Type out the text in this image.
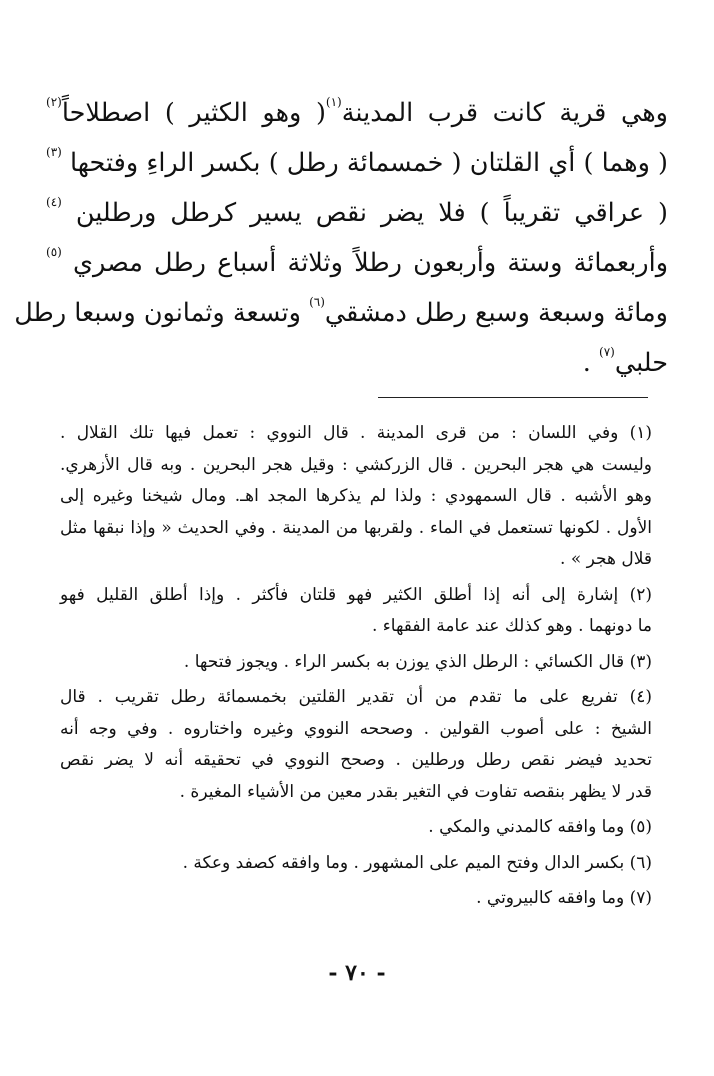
وهي قرية كانت قرب المدينة$^{(١)}$( وهو الكثير ) اصطلاحاً$^{(٢)}$
( وهما ) أي القلتان ( خمسمائة رطل ) بكسر الراءِ وفتحها $^{(٣)}$
( عراقي تقريباً ) فلا يضر نقص يسير كرطل ورطلين $^{(٤)}$
وأربعمائة وستة وأربعون رطلاً وثلاثة أسباع رطل مصري $^{(٥)}$
ومائة وسبعة وسبع رطل دمشقي$^{(٦)}$ وتسعة وثمانون وسبعا رطل
حلبي$^{(٧)}$ .
(١) وفي اللسان : من قرى المدينة . قال النووي : تعمل فيها تلك القلال .
وليست هي هجر البحرين . قال الزركشي : وقيل هجر البحرين . وبه قال الأزهري.
وهو الأشبه . قال السمهودي : ولذا لم يذكرها المجد اهـ. ومال شيخنا وغيره إلى
الأول . لكونها تستعمل في الماء . ولقربها من المدينة . وفي الحديث « وإذا نبقها مثل
قلال هجر » .
(٢) إشارة إلى أنه إذا أطلق الكثير فهو قلتان فأكثر . وإذا أطلق القليل فهو
ما دونهما . وهو كذلك عند عامة الفقهاء .
(٣) قال الكسائي : الرطل الذي يوزن به بكسر الراء . ويجوز فتحها .
(٤) تفريع على ما تقدم من أن تقدير القلتين بخمسمائة رطل تقريب . قال
الشيخ : على أصوب القولين . وصححه النووي وغيره واختاروه . وفي وجه أنه
تحديد فيضر نقص رطل ورطلين . وصحح النووي في تحقيقه أنه لا يضر نقص
قدر لا يظهر بنقصه تفاوت في التغير بقدر معين من الأشياء المغيرة .
(٥) وما وافقه كالمدني والمكي .
(٦) بكسر الدال وفتح الميم على المشهور . وما وافقه كصفد وعكة .
(٧) وما وافقه كالبيروتي .
- ٧٠ -
